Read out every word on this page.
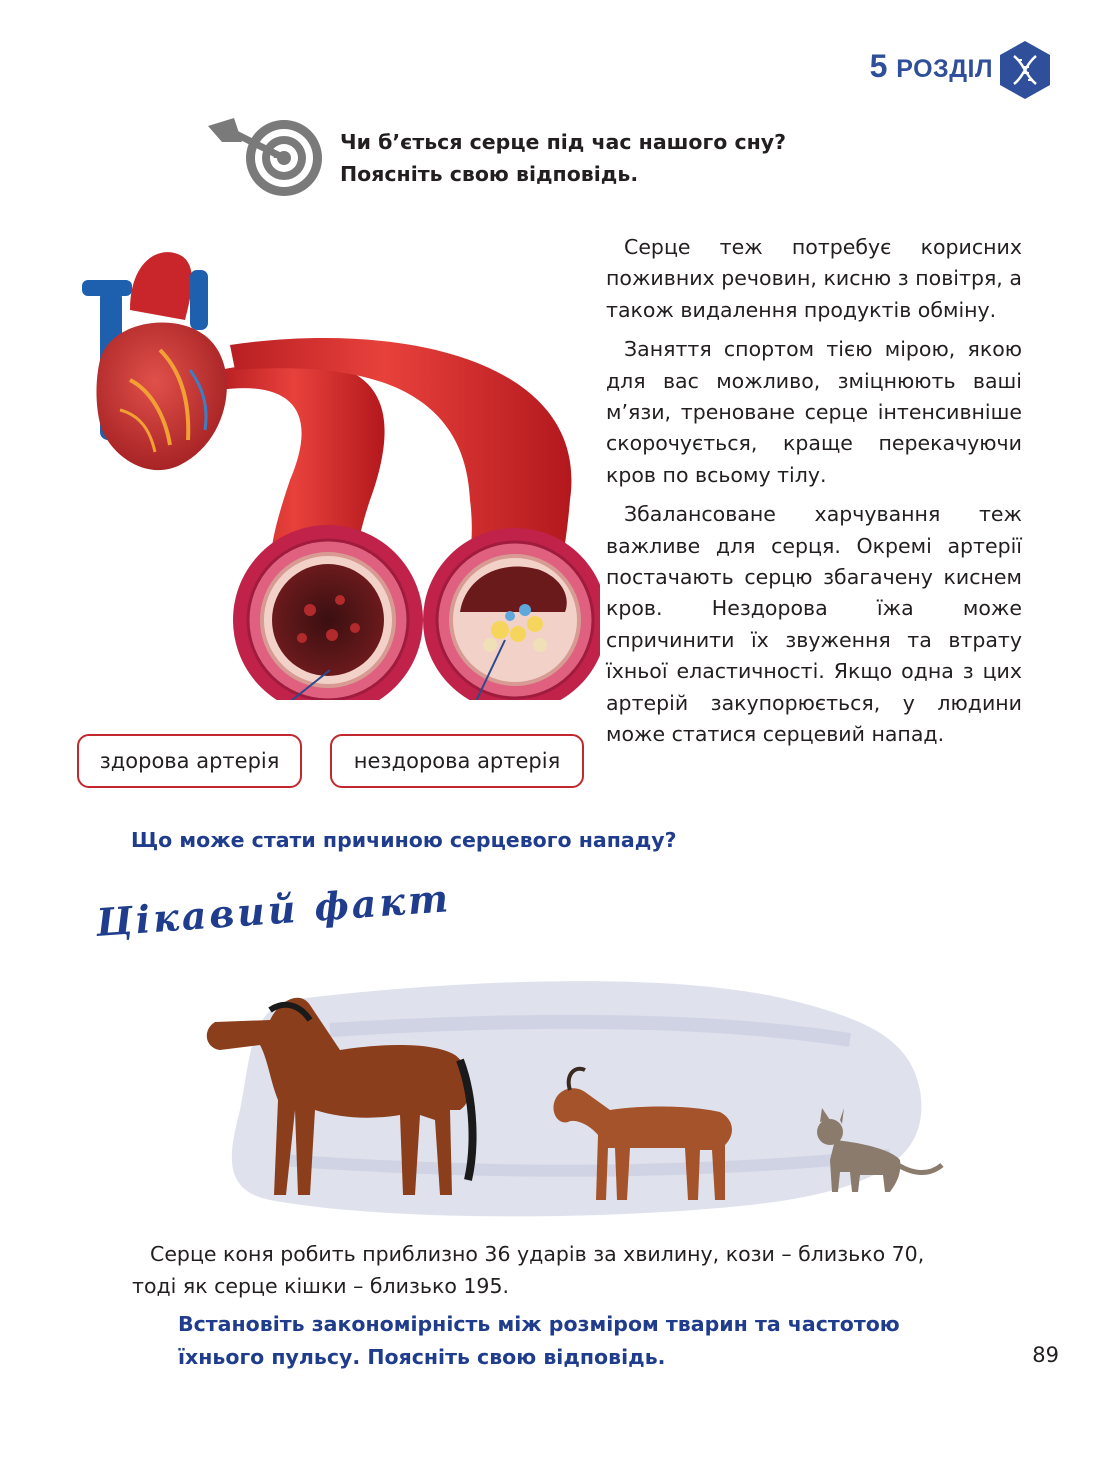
5 РОЗДІЛ
Чи б’ється серце під час нашого сну?
Поясніть свою відповідь.
здорова артерія	нездорова артерія

Серце теж потребує корисних поживних речовин, кисню з повітря, а також видалення продуктів обміну.

Заняття спортом тією мірою, якою для вас можливо, зміцнюють ваші м’язи, треноване серце інтенсивніше скорочується, краще перекачуючи кров по всьому тілу.

Збалансоване харчування теж важливе для серця. Окремі артерії постачають серцю збагачену киснем кров. Нездорова їжа може спричинити їх звуження та втрату їхньої еластичності. Якщо одна з цих артерій закупорюється, у людини може статися серцевий напад.

Що може стати причиною серцевого нападу?
Цікавий факт
Серце коня робить приблизно 36 ударів за хвилину, кози – близько 70,
тоді як серце кішки – близько 195.
Встановіть закономірність між розміром тварин та частотою
їхнього пульсу. Поясніть свою відповідь.	89
